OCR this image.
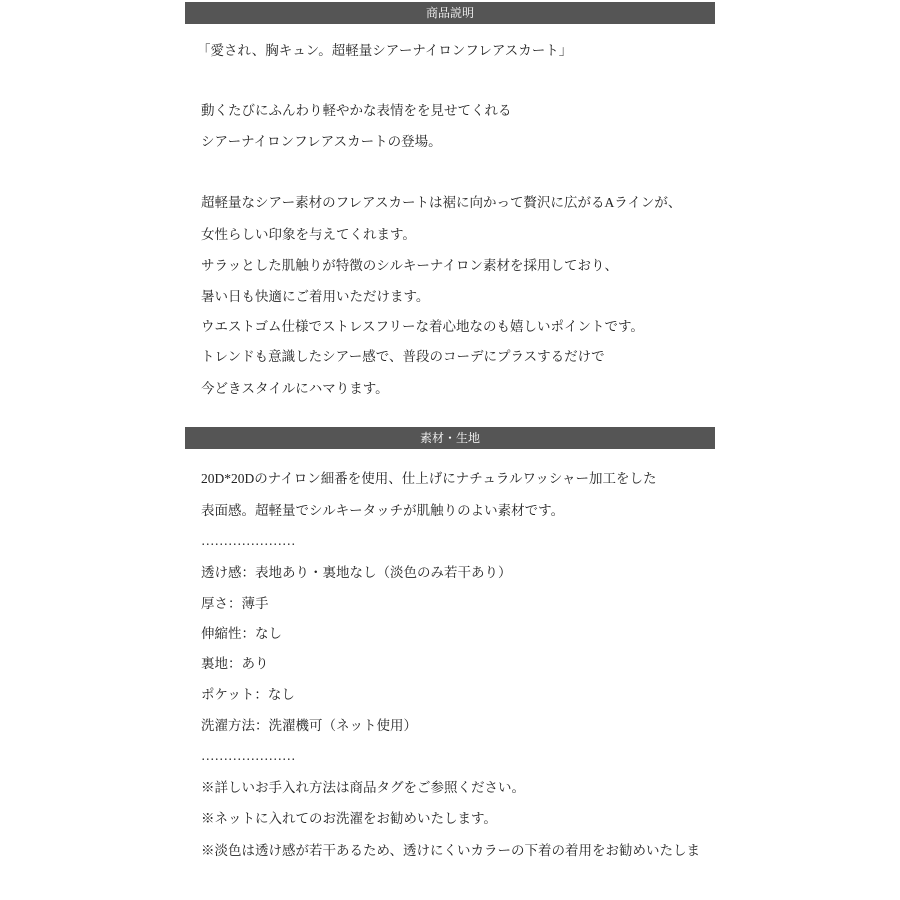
商品説明
「愛され、胸キュン。超軽量シアーナイロンフレアスカート」
動くたびにふんわり軽やかな表情をを見せてくれる
シアーナイロンフレアスカートの登場。
超軽量なシアー素材のフレアスカートは裾に向かって贅沢に広がるAラインが、
女性らしい印象を与えてくれます。
サラッとした肌触りが特徴のシルキーナイロン素材を採用しており、
暑い日も快適にご着用いただけます。
ウエストゴム仕様でストレスフリーな着心地なのも嬉しいポイントです。
トレンドも意識したシアー感で、普段のコーデにプラスするだけで
今どきスタイルにハマります。
素材・生地
20D*20Dのナイロン細番を使用、仕上げにナチュラルワッシャー加工をした
表面感。超軽量でシルキータッチが肌触りのよい素材です。
…………………
透け感：表地あり・裏地なし（淡色のみ若干あり）
厚さ：薄手
伸縮性：なし
裏地：あり
ポケット：なし
洗濯方法：洗濯機可（ネット使用）
…………………
※詳しいお手入れ方法は商品タグをご参照ください。
※ネットに入れてのお洗濯をお勧めいたします。
※淡色は透け感が若干あるため、透けにくいカラーの下着の着用をお勧めいたしま
